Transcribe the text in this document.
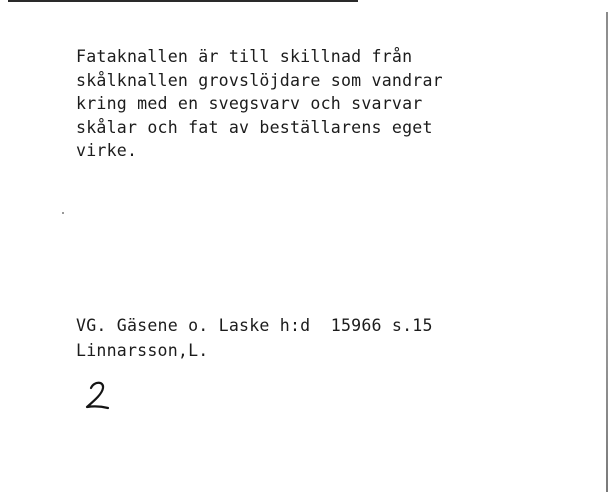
Fataknallen är till skillnad från
skålknallen grovslöjdare som vandrar
kring med en svegsvarv och svarvar
skålar och fat av beställarens eget
virke.
VG. Gäsene o. Laske h:d  15966 s.15
Linnarsson,L.
